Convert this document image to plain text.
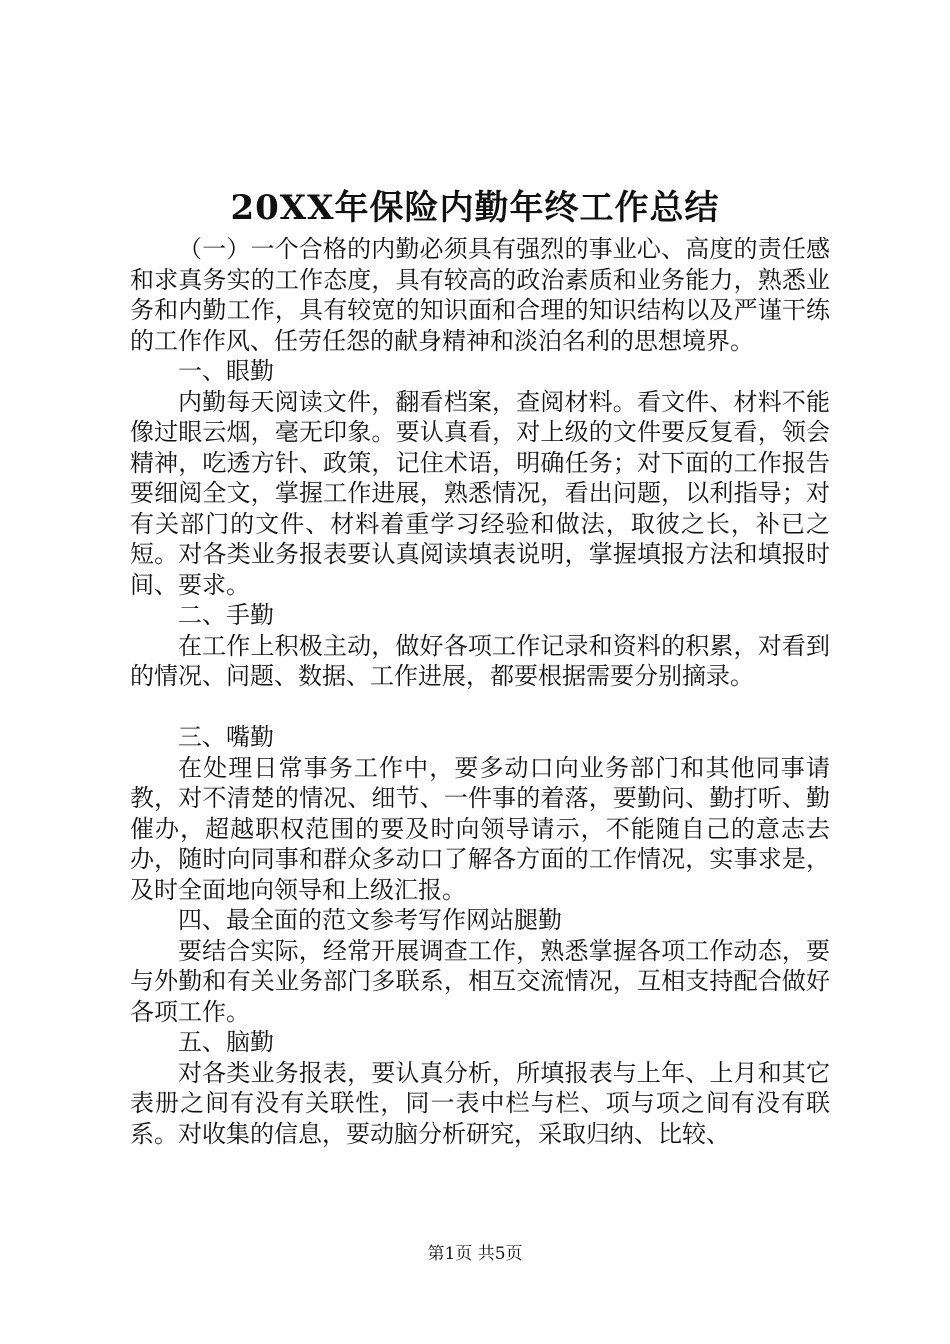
20XX年保险内勤年终工作总结
（一）一个合格的内勤必须具有强烈的事业心、高度的责任感和求真务实的工作态度，具有较高的政治素质和业务能力，熟悉业务和内勤工作，具有较宽的知识面和合理的知识结构以及严谨干练的工作作风、任劳任怨的献身精神和淡泊名利的思想境界。
一、眼勤
内勤每天阅读文件，翻看档案，查阅材料。看文件、材料不能像过眼云烟，毫无印象。要认真看，对上级的文件要反复看，领会精神，吃透方针、政策，记住术语，明确任务；对下面的工作报告要细阅全文，掌握工作进展，熟悉情况，看出问题，以利指导；对有关部门的文件、材料着重学习经验和做法，取彼之长，补已之短。对各类业务报表要认真阅读填表说明，掌握填报方法和填报时间、要求。
二、手勤
在工作上积极主动，做好各项工作记录和资料的积累，对看到的情况、问题、数据、工作进展，都要根据需要分别摘录。
三、嘴勤
在处理日常事务工作中，要多动口向业务部门和其他同事请教，对不清楚的情况、细节、一件事的着落，要勤问、勤打听、勤催办，超越职权范围的要及时向领导请示，不能随自己的意志去办，随时向同事和群众多动口了解各方面的工作情况，实事求是，及时全面地向领导和上级汇报。
四、最全面的范文参考写作网站腿勤
要结合实际，经常开展调查工作，熟悉掌握各项工作动态，要与外勤和有关业务部门多联系，相互交流情况，互相支持配合做好各项工作。
五、脑勤
对各类业务报表，要认真分析，所填报表与上年、上月和其它表册之间有没有关联性，同一表中栏与栏、项与项之间有没有联系。对收集的信息，要动脑分析研究，采取归纳、比较、
第1页 共5页
